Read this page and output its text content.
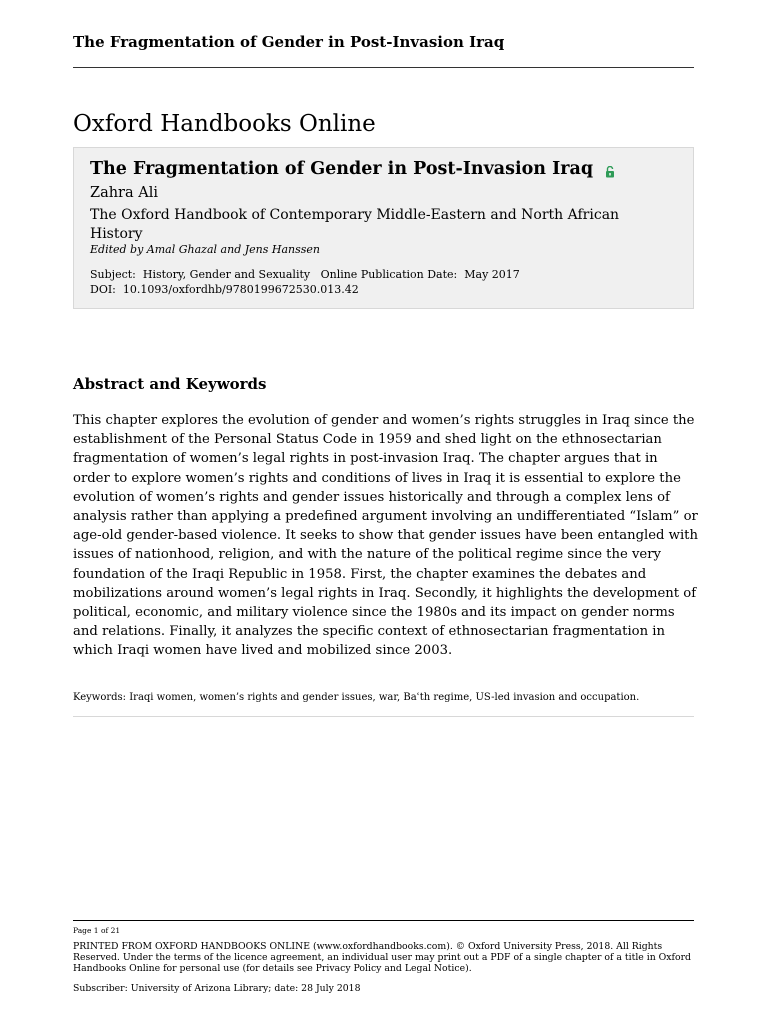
The Fragmentation of Gender in Post-Invasion Iraq
Oxford Handbooks Online
The Fragmentation of Gender in Post-Invasion Iraq
Zahra Ali
The Oxford Handbook of Contemporary Middle-Eastern and North African History
Edited by Amal Ghazal and Jens Hanssen
Subject:  History, Gender and Sexuality   Online Publication Date:  May 2017
DOI:  10.1093/oxfordhb/9780199672530.013.42
Abstract and Keywords

This chapter explores the evolution of gender and women’s rights struggles in Iraq since the establishment of the Personal Status Code in 1959 and shed light on the ethnosectarian fragmentation of women’s legal rights in post-invasion Iraq. The chapter argues that in order to explore women’s rights and conditions of lives in Iraq it is essential to explore the evolution of women’s rights and gender issues historically and through a complex lens of analysis rather than applying a predefined argument involving an undifferentiated “Islam” or age-old gender-based violence. It seeks to show that gender issues have been entangled with issues of nationhood, religion, and with the nature of the political regime since the very foundation of the Iraqi Republic in 1958. First, the chapter examines the debates and mobilizations around women’s legal rights in Iraq. Secondly, it highlights the development of political, economic, and military violence since the 1980s and its impact on gender norms and relations. Finally, it analyzes the specific context of ethnosectarian fragmentation in which Iraqi women have lived and mobilized since 2003.

Keywords: Iraqi women, women’s rights and gender issues, war, Baʿth regime, US-led invasion and occupation.

Page 1 of 21

PRINTED FROM OXFORD HANDBOOKS ONLINE (www.oxfordhandbooks.com). © Oxford University Press, 2018. All Rights Reserved. Under the terms of the licence agreement, an individual user may print out a PDF of a single chapter of a title in Oxford Handbooks Online for personal use (for details see Privacy Policy and Legal Notice).

Subscriber: University of Arizona Library; date: 28 July 2018
